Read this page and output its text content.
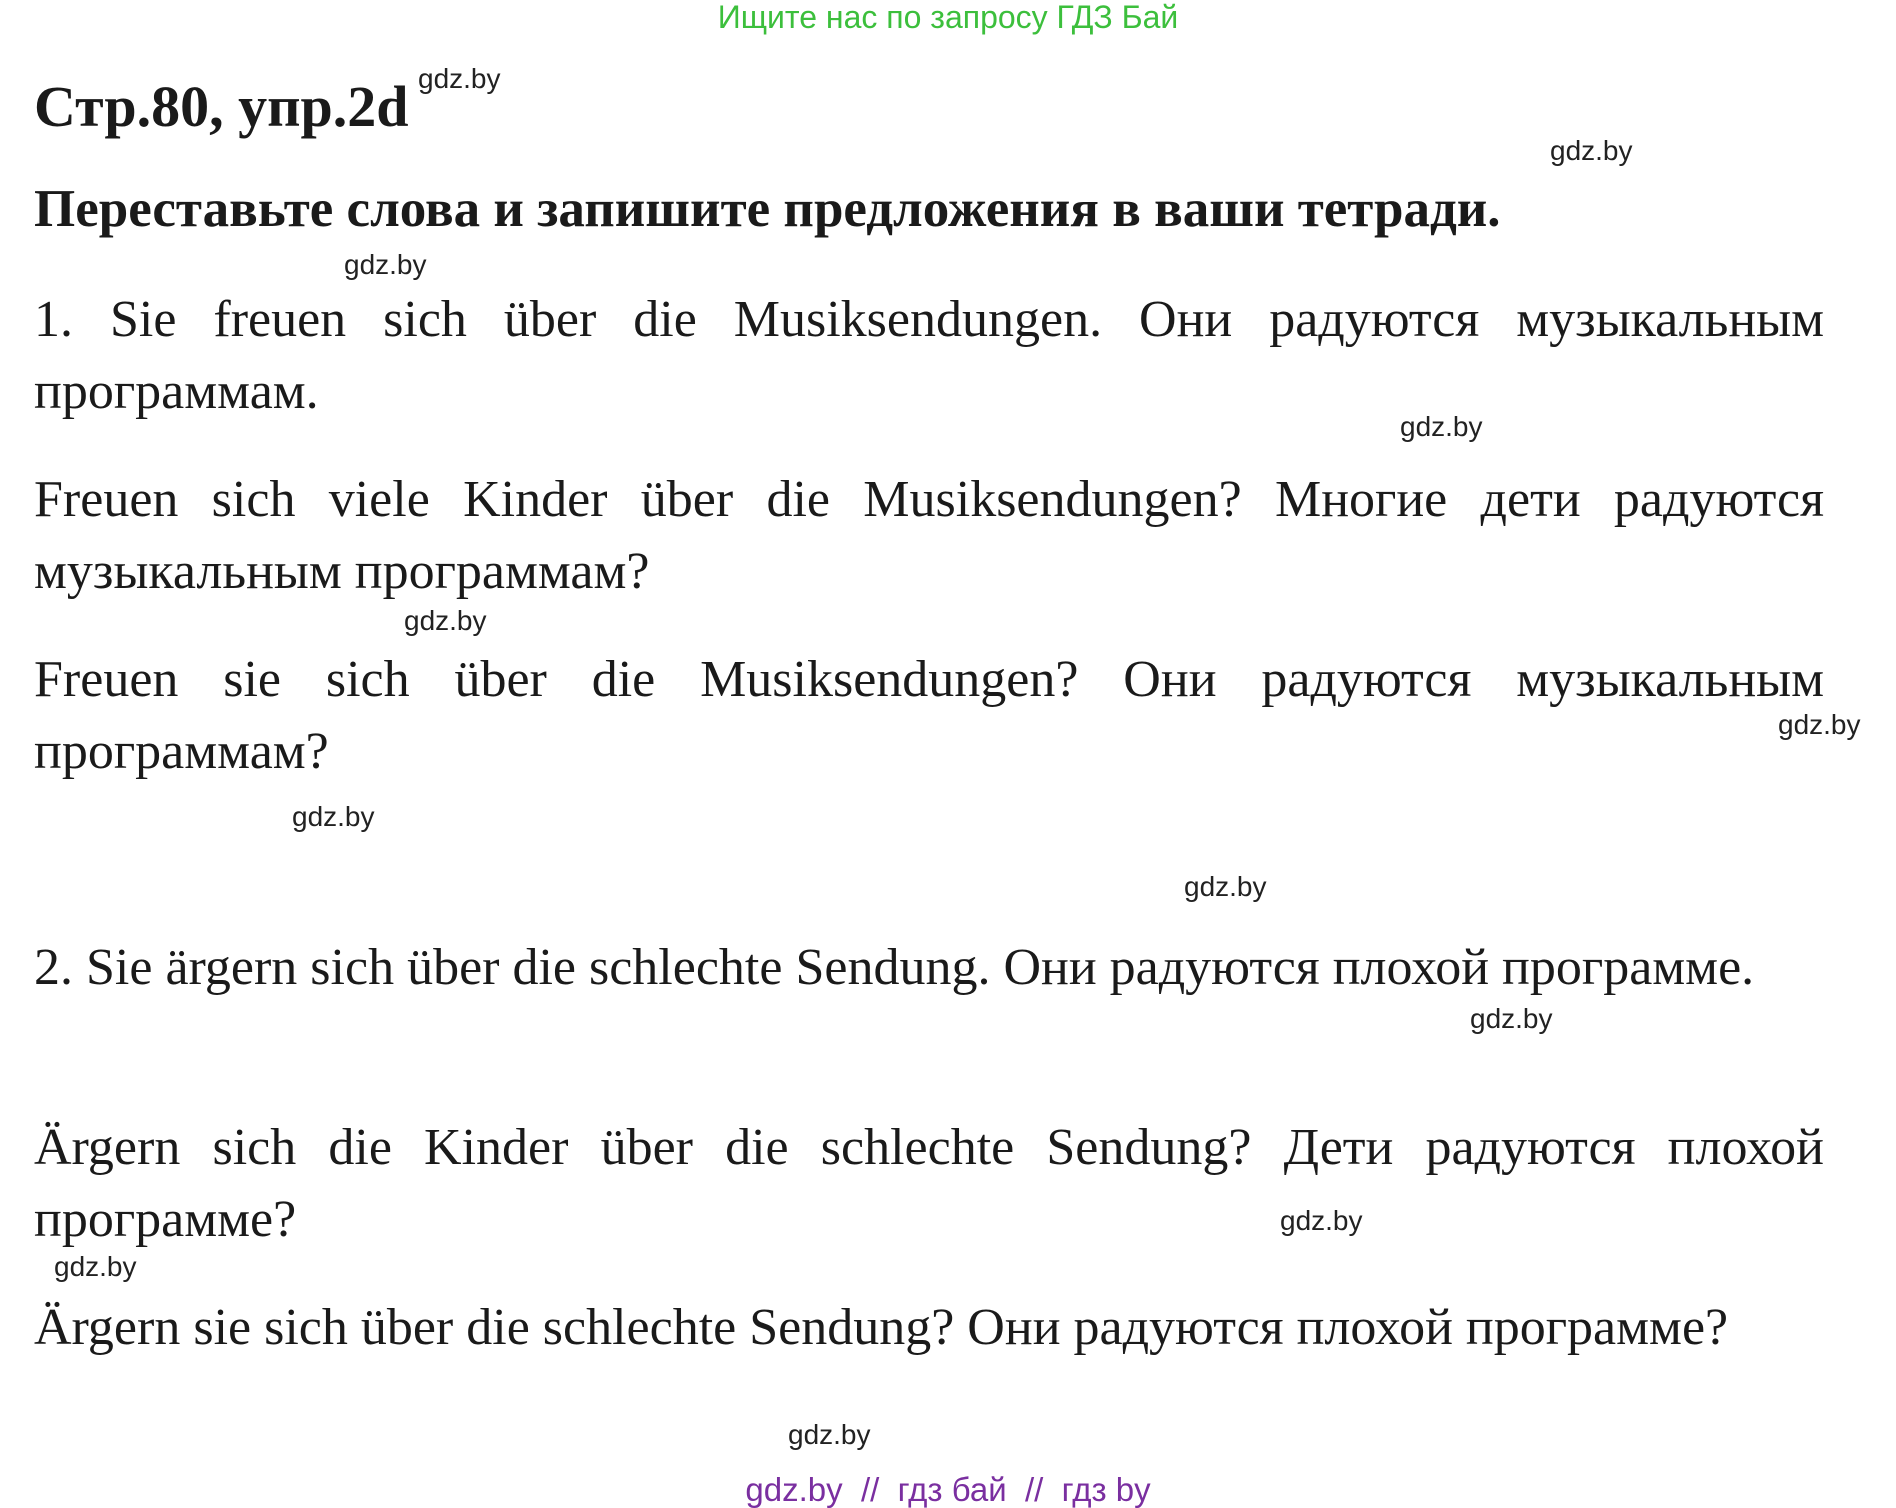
Ищите нас по запросу ГДЗ Бай
Стр.80, упр.2d

Переставьте слова и запишите предложения в ваши тетради.

1. Sie freuen sich über die Musiksendungen. Они радуются музыкальным программам.

Freuen sich viele Kinder über die Musiksendungen? Многие дети радуются музыкальным программам?

Freuen sie sich über die Musiksendungen? Они радуются музыкальным программам?

2. Sie ärgern sich über die schlechte Sendung. Они радуются плохой программе.

Ärgern sich die Kinder über die schlechte Sendung? Дети радуются плохой программе?

Ärgern sie sich über die schlechte Sendung? Они радуются плохой программе?

gdz.by
gdz.by
gdz.by
gdz.by
gdz.by
gdz.by
gdz.by
gdz.by
gdz.by
gdz.by
gdz.by
gdz.by
gdz.by  //  гдз бай  //  гдз by
